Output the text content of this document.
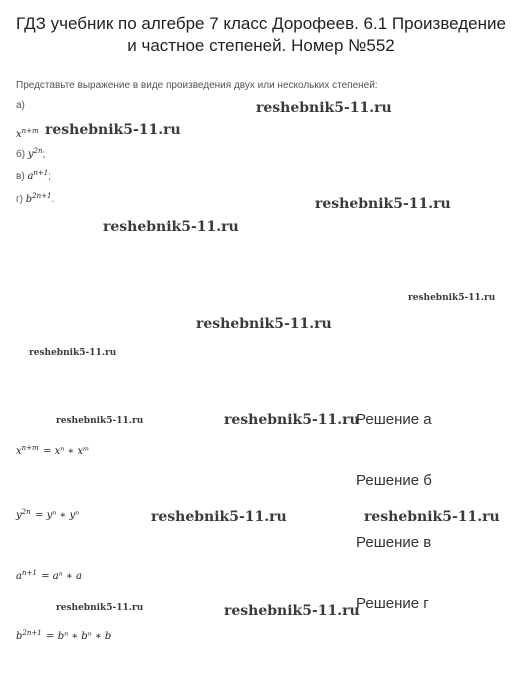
ГДЗ учебник по алгебре 7 класс Дорофеев. 6.1 Произведение
и частное степеней. Номер №552
Представьте выражение в виде произведения двух или нескольких степеней:
а)
$x^{n+m}$
б) $y^{2n}$;
в) $a^{n+1}$;
г) $b^{2n+1}$.
reshebnik5-11.ru
reshebnik5-11.ru
reshebnik5-11.ru
reshebnik5-11.ru
reshebnik5-11.ru
reshebnik5-11.ru
reshebnik5-11.ru
reshebnik5-11.ru	reshebnik5-11.ru
reshebnik5-11.ru	reshebnik5-11.ru
reshebnik5-11.ru	reshebnik5-11.ru
Решение а
Решение б
Решение в
Решение г
$x^{n+m} = x^n$ ∗ xᵐ
$y^{2n} = y^n$ ∗ yⁿ
$a^{n+1} = a^n$ ∗ a
$b^{2n+1} = b^n$ ∗ bⁿ ∗ b
